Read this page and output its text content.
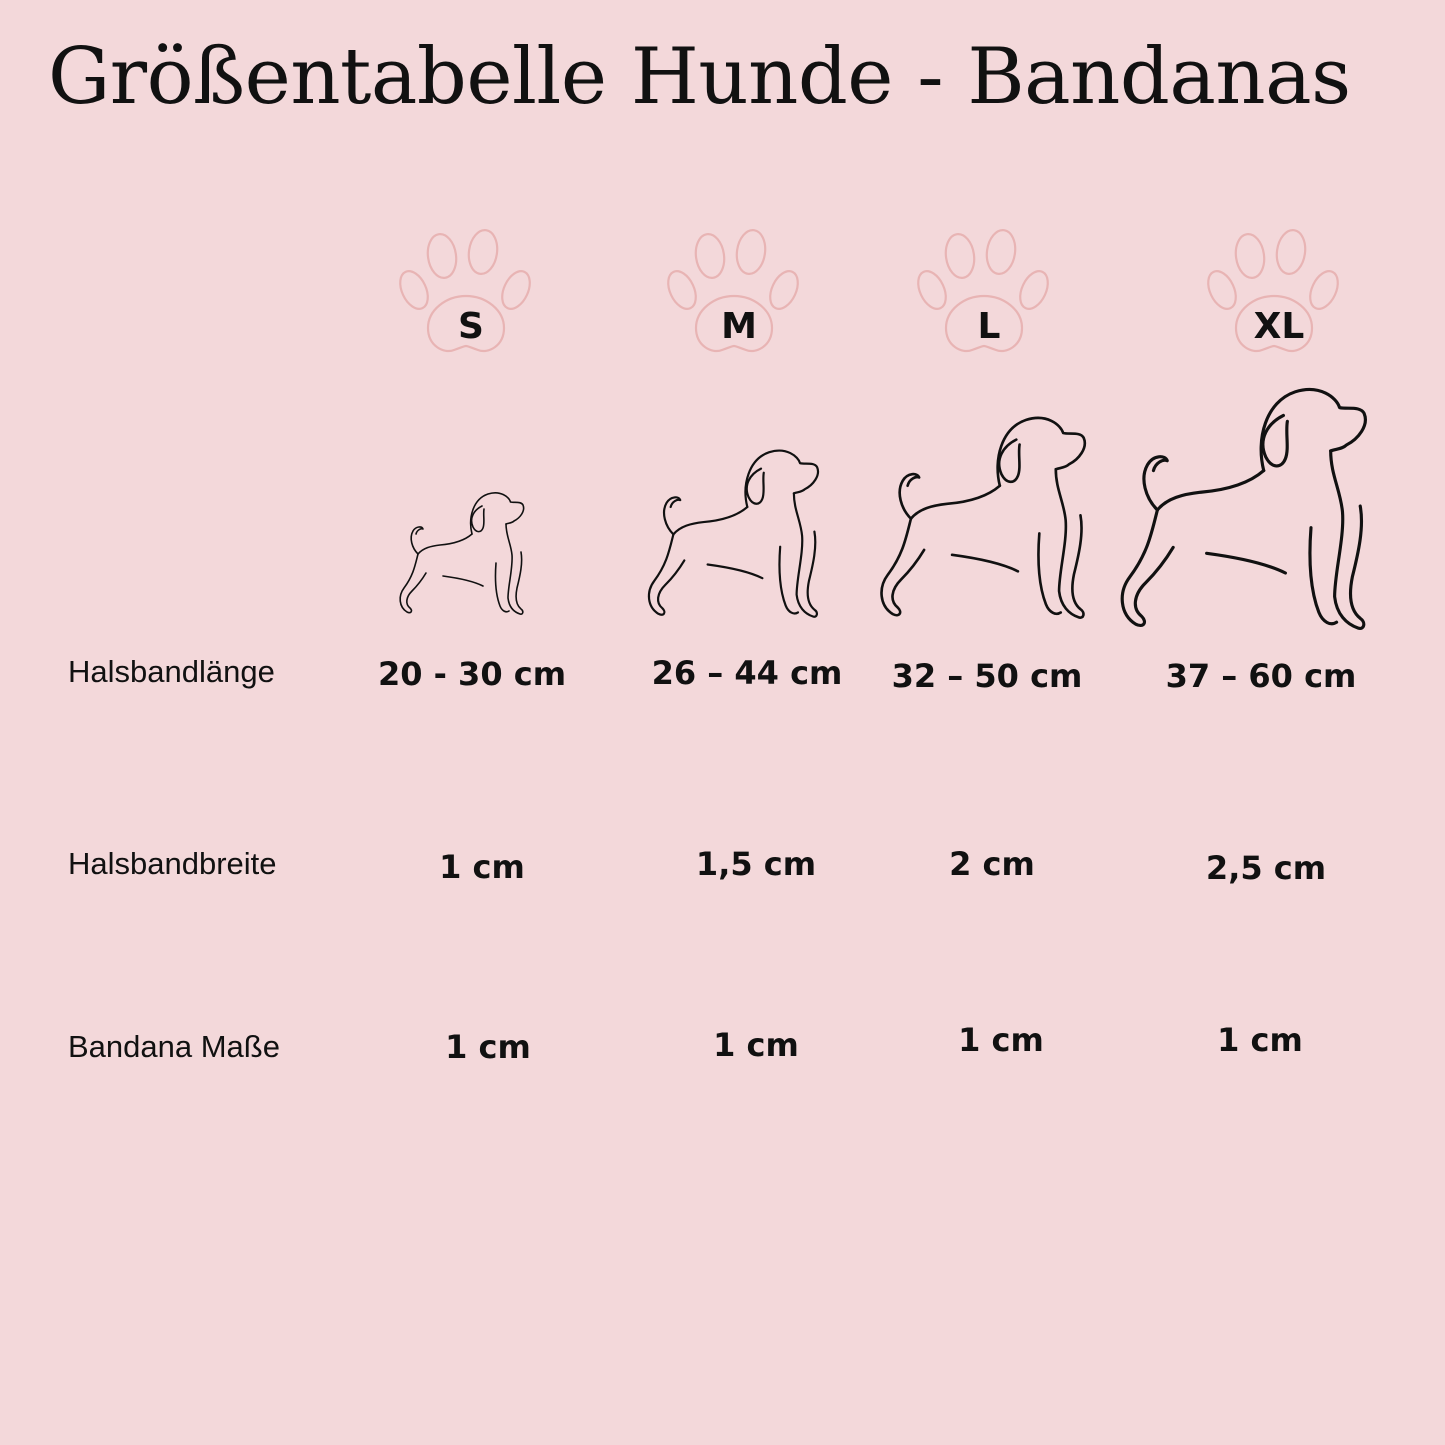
Größentabelle Hunde - Bandanas
S	M	L	XL
Halsbandlänge	20 - 30 cm	26 – 44 cm	32 – 50 cm	37 – 60 cm
Halsbandbreite	1 cm	1,5 cm	2 cm	2,5 cm
Bandana Maße	1 cm	1 cm	1 cm	1 cm
